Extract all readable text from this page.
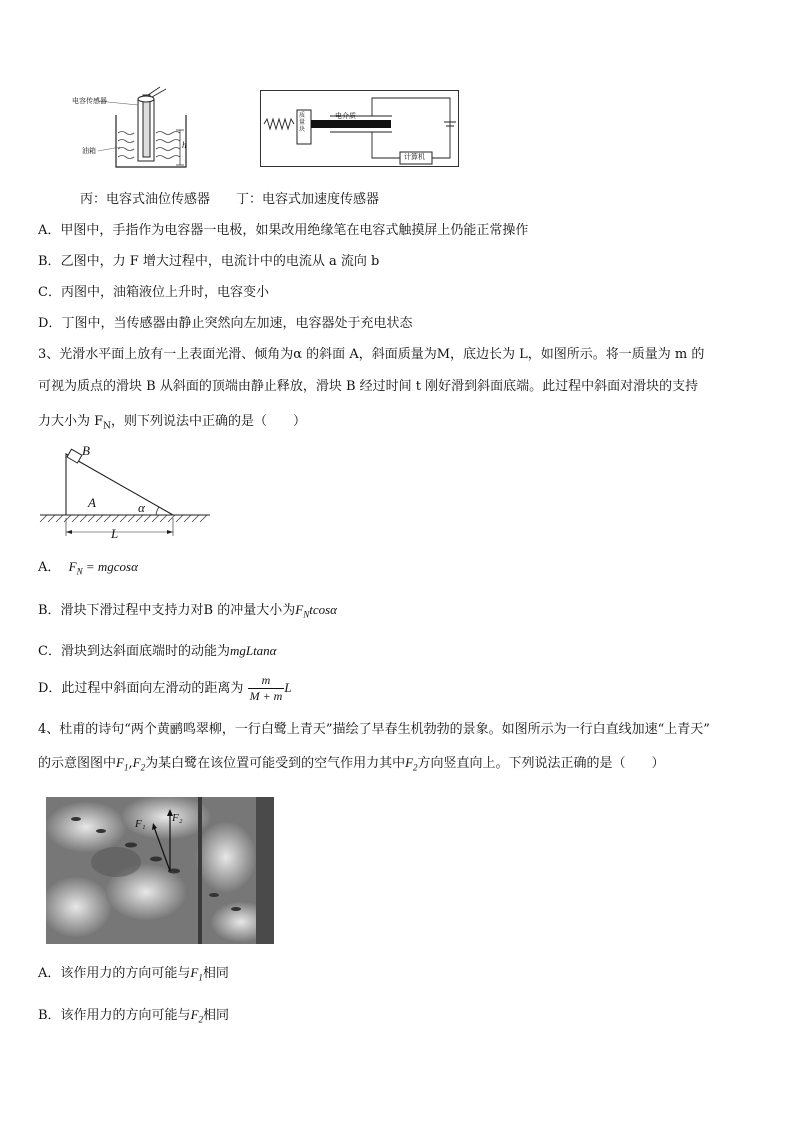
电容传感器
油箱
h
电介质
质量块
计算机
丙：电容式油位传感器　　丁：电容式加速度传感器
A．甲图中，手指作为电容器一电极，如果改用绝缘笔在电容式触摸屏上仍能正常操作
B．乙图中，力 F 增大过程中，电流计中的电流从 a 流向 b
C．丙图中，油箱液位上升时，电容变小
D．丁图中，当传感器由静止突然向左加速，电容器处于充电状态
3、光滑水平面上放有一上表面光滑、倾角为α 的斜面 A，斜面质量为M，底边长为 L，如图所示。将一质量为 m 的
可视为质点的滑块 B 从斜面的顶端由静止释放，滑块 B 经过时间 t 刚好滑到斜面底端。此过程中斜面对滑块的支持
力大小为 $F_N$，则下列说法中正确的是（　　）
B
A	α
L
A． $F_N = mgcos\alpha$
B．滑块下滑过程中支持力对B 的冲量大小为$F_Ntcos\alpha$
C．滑块到达斜面底端时的动能为mgLtanα
D．此过程中斜面向左滑动的距离为 $\frac{m}{M + m}$ L
4、杜甫的诗句“两个黄鹂鸣翠柳，一行白鹭上青天”描绘了早春生机勃勃的景象。如图所示为一行白直线加速“上青天”
的示意图图中$F_1,F_2$为某白鹭在该位置可能受到的空气作用力其中$F_2$方向竖直向上。下列说法正确的是（　　）
F₁ F₂
A．该作用力的方向可能与$F_1$相同
B．该作用力的方向可能与$F_2$相同
